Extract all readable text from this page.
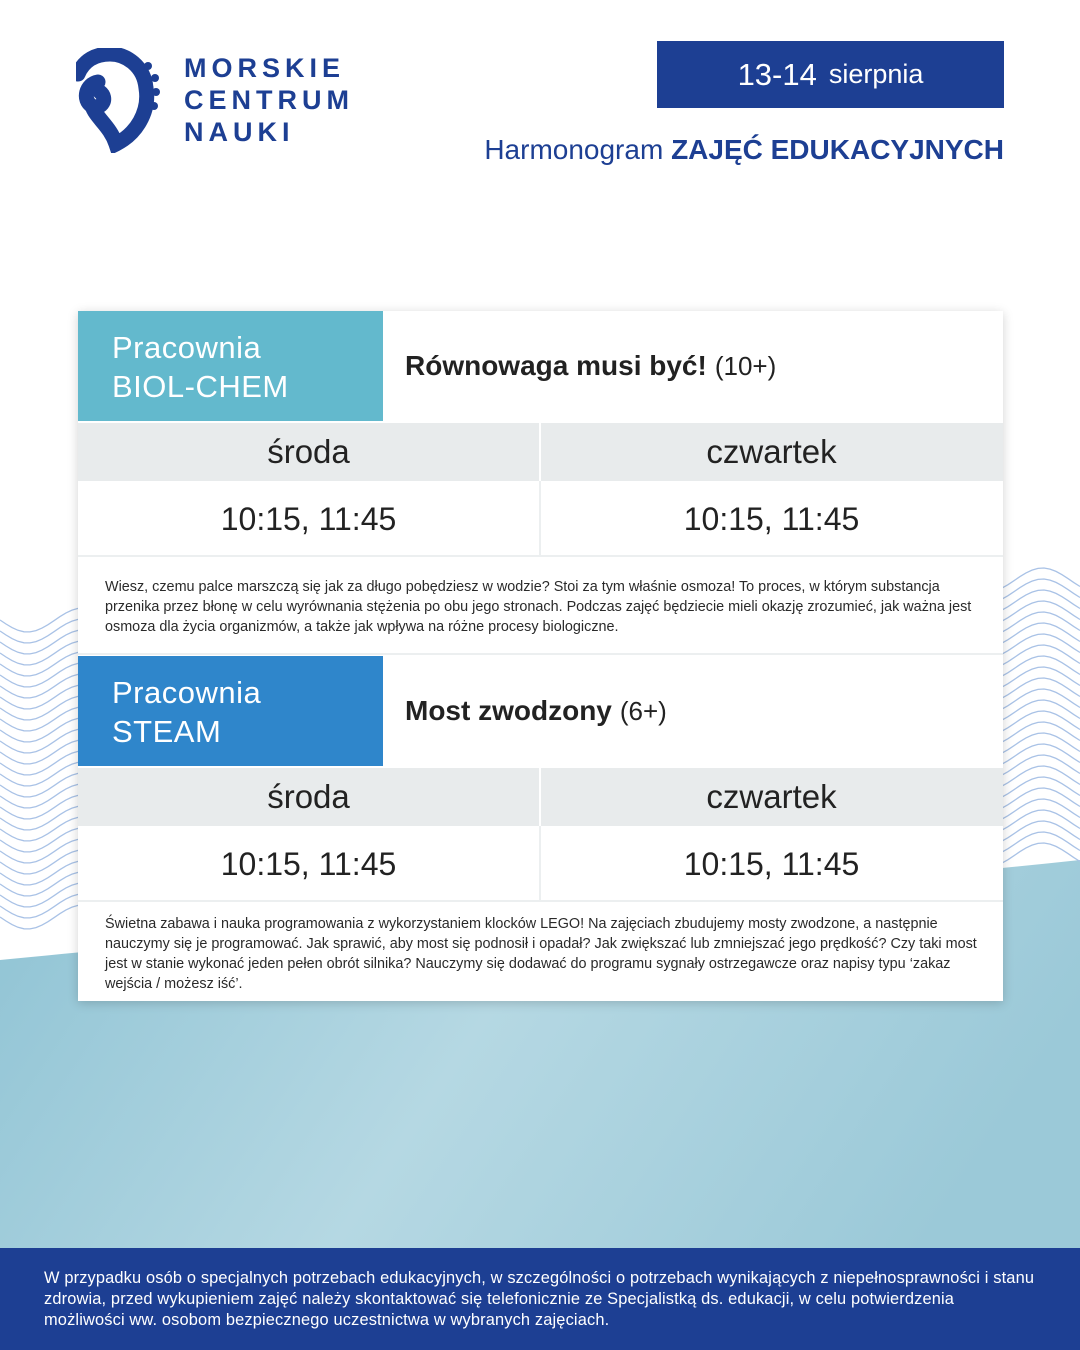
MORSKIE
CENTRUM
NAUKI
13-14 sierpnia
Harmonogram ZAJĘĆ EDUKACYJNYCH
Pracownia
BIOL-CHEM
Równowaga musi być! (10+)
środa	czwartek
10:15, 11:45	10:15, 11:45
Wiesz, czemu palce marszczą się jak za długo pobędziesz w wodzie? Stoi za tym właśnie osmoza! To proces, w którym substancja przenika przez błonę w celu wyrównania stężenia po obu jego stronach. Podczas zajęć będziecie mieli okazję zrozumieć, jak ważna jest osmoza dla życia organizmów, a także jak wpływa na różne procesy biologiczne.
Pracownia
STEAM
Most zwodzony (6+)
środa	czwartek
10:15, 11:45	10:15, 11:45
Świetna zabawa i nauka programowania z wykorzystaniem klocków LEGO! Na zajęciach zbudujemy mosty zwodzone, a następnie nauczymy się je programować. Jak sprawić, aby most się podnosił i opadał? Jak zwiększać lub zmniejszać jego prędkość? Czy taki most jest w stanie wykonać jeden pełen obrót silnika? Nauczymy się dodawać do programu sygnały ostrzegawcze oraz napisy typu ‘zakaz wejścia / możesz iść’.
W przypadku osób o specjalnych potrzebach edukacyjnych, w szczególności o potrzebach wynikających z niepełnosprawności i stanu zdrowia, przed wykupieniem zajęć należy skontaktować się telefonicznie ze Specjalistką ds. edukacji, w celu potwierdzenia możliwości ww. osobom bezpiecznego uczestnictwa w wybranych zajęciach.
